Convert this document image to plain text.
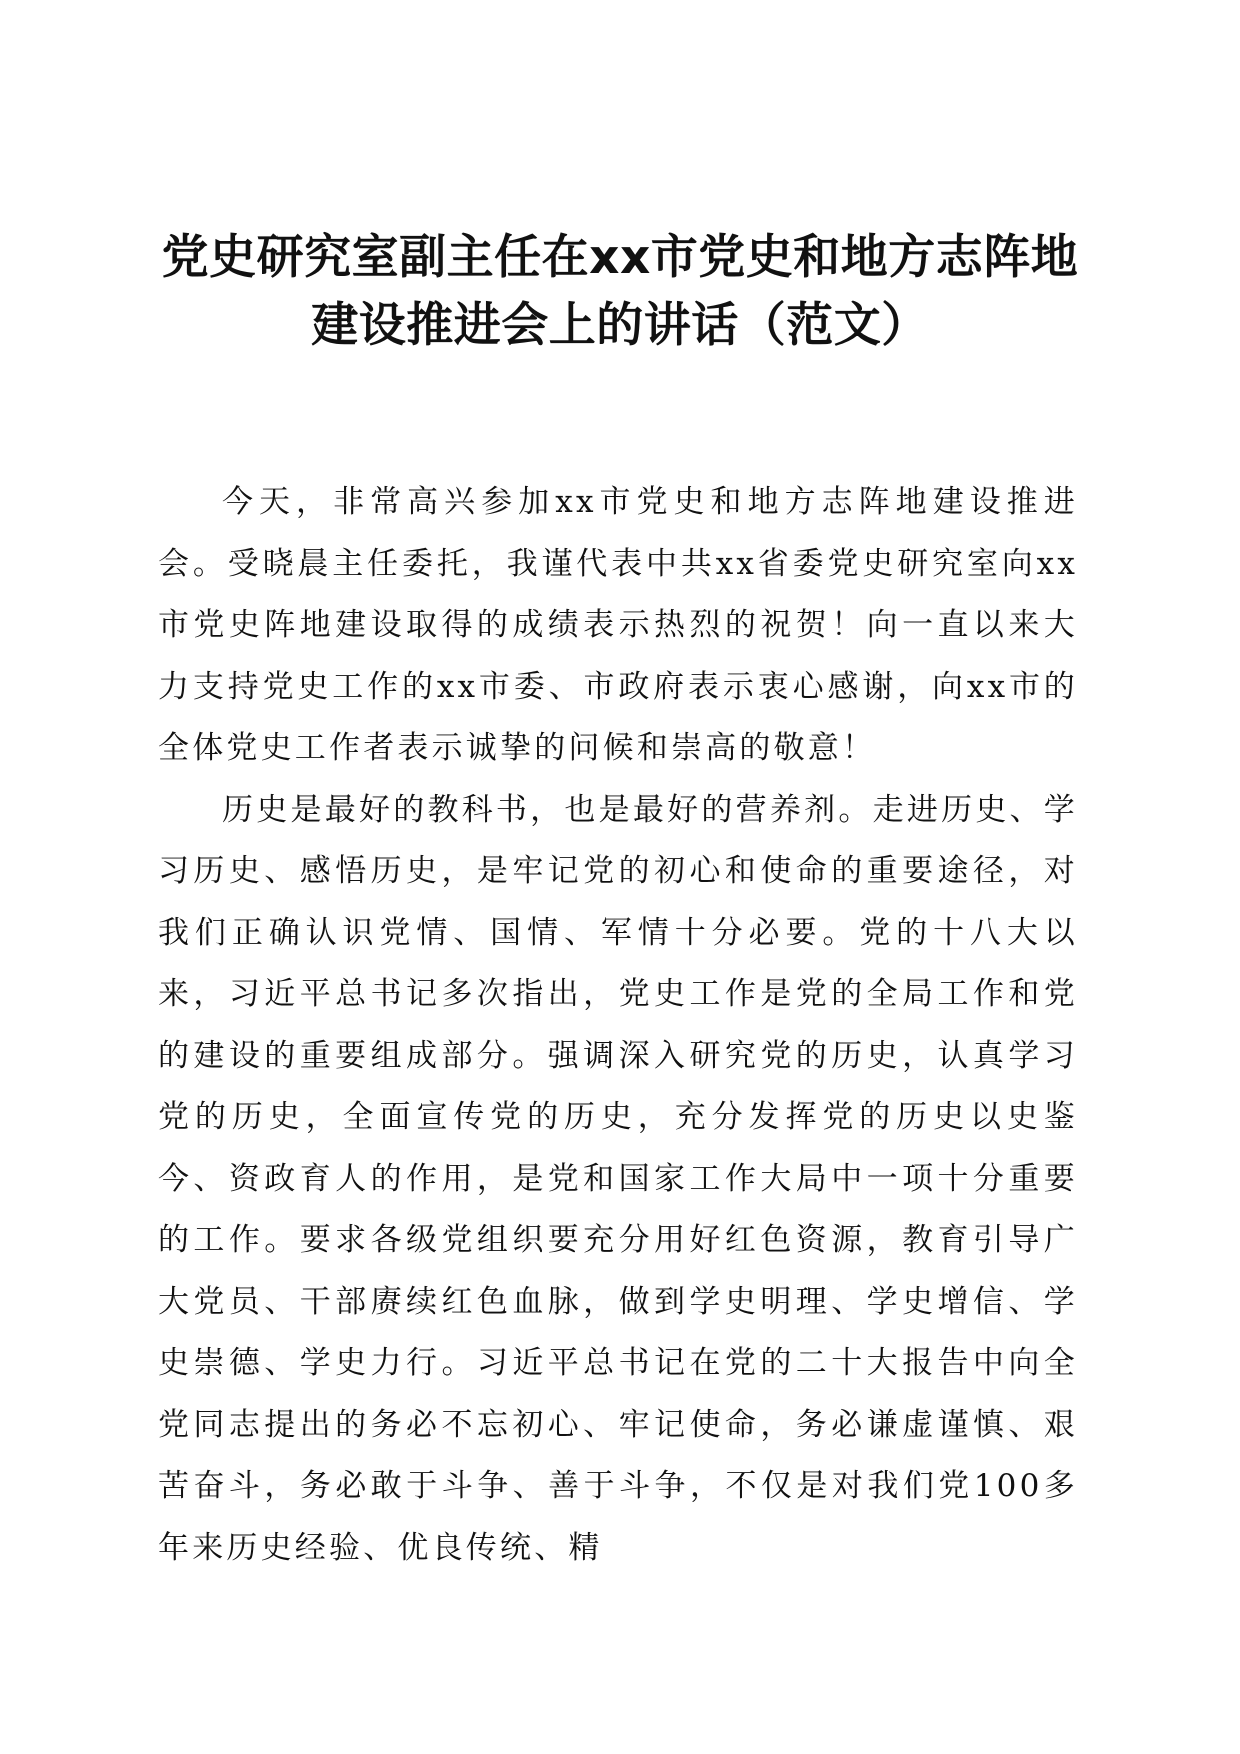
党史研究室副主任在xx市党史和地方志阵地
建设推进会上的讲话（范文）

今天，非常高兴参加xx市党史和地方志阵地建设推进会。受晓晨主任委托，我谨代表中共xx省委党史研究室向xx市党史阵地建设取得的成绩表示热烈的祝贺！向一直以来大力支持党史工作的xx市委、市政府表示衷心感谢，向xx市的全体党史工作者表示诚挚的问候和崇高的敬意！

历史是最好的教科书，也是最好的营养剂。走进历史、学习历史、感悟历史，是牢记党的初心和使命的重要途径，对我们正确认识党情、国情、军情十分必要。党的十八大以来，习近平总书记多次指出，党史工作是党的全局工作和党的建设的重要组成部分。强调深入研究党的历史，认真学习党的历史，全面宣传党的历史，充分发挥党的历史以史鉴今、资政育人的作用，是党和国家工作大局中一项十分重要的工作。要求各级党组织要充分用好红色资源，教育引导广大党员、干部赓续红色血脉，做到学史明理、学史增信、学史崇德、学史力行。习近平总书记在党的二十大报告中向全党同志提出的务必不忘初心、牢记使命，务必谦虚谨慎、艰苦奋斗，务必敢于斗争、善于斗争，不仅是对我们党100多年来历史经验、优良传统、精
